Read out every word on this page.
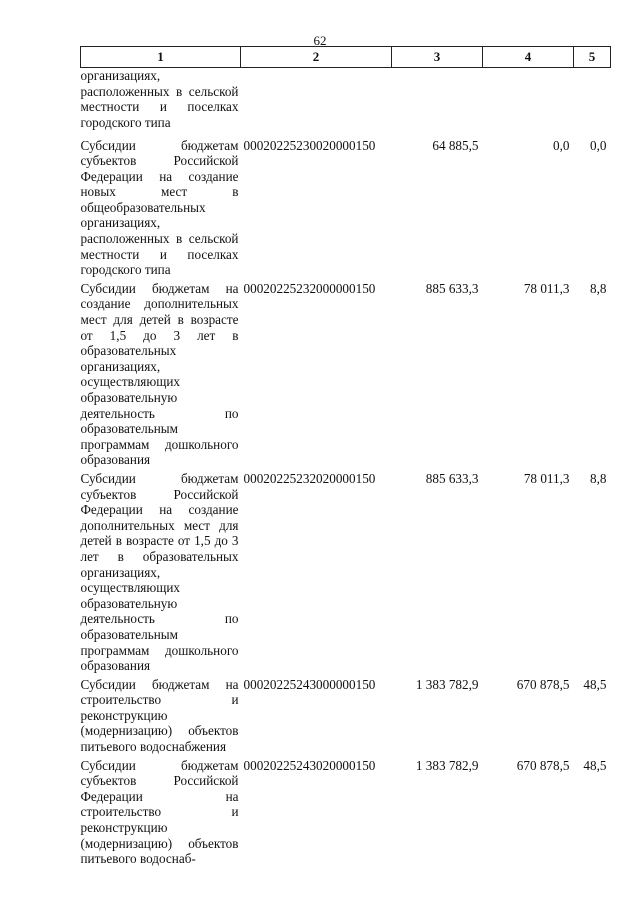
62
1	2	3	4	5
организациях, расположенных в сельской местности и поселках городского типа				
Субсидии бюджетам субъектов Российской Федерации на создание новых мест в общеобразовательных организациях, расположенных в сельской местности и поселках городского типа	00020225230020000150	64 885,5	0,0	0,0
Субсидии бюджетам на создание дополнительных мест для детей в возрасте от 1,5 до 3 лет в образовательных организациях, осуществляющих образовательную деятельность по образовательным программам дошкольного образования	00020225232000000150	885 633,3	78 011,3	8,8
Субсидии бюджетам субъектов Российской Федерации на создание дополнительных мест для детей в возрасте от 1,5 до 3 лет в образовательных организациях, осуществляющих образовательную деятельность по образовательным программам дошкольного образования	00020225232020000150	885 633,3	78 011,3	8,8
Субсидии бюджетам на строительство и реконструкцию (модернизацию) объектов питьевого водоснабжения	00020225243000000150	1 383 782,9	670 878,5	48,5
Субсидии бюджетам субъектов Российской Федерации на строительство и реконструкцию (модернизацию) объектов питьевого водоснаб-	00020225243020000150	1 383 782,9	670 878,5	48,5
